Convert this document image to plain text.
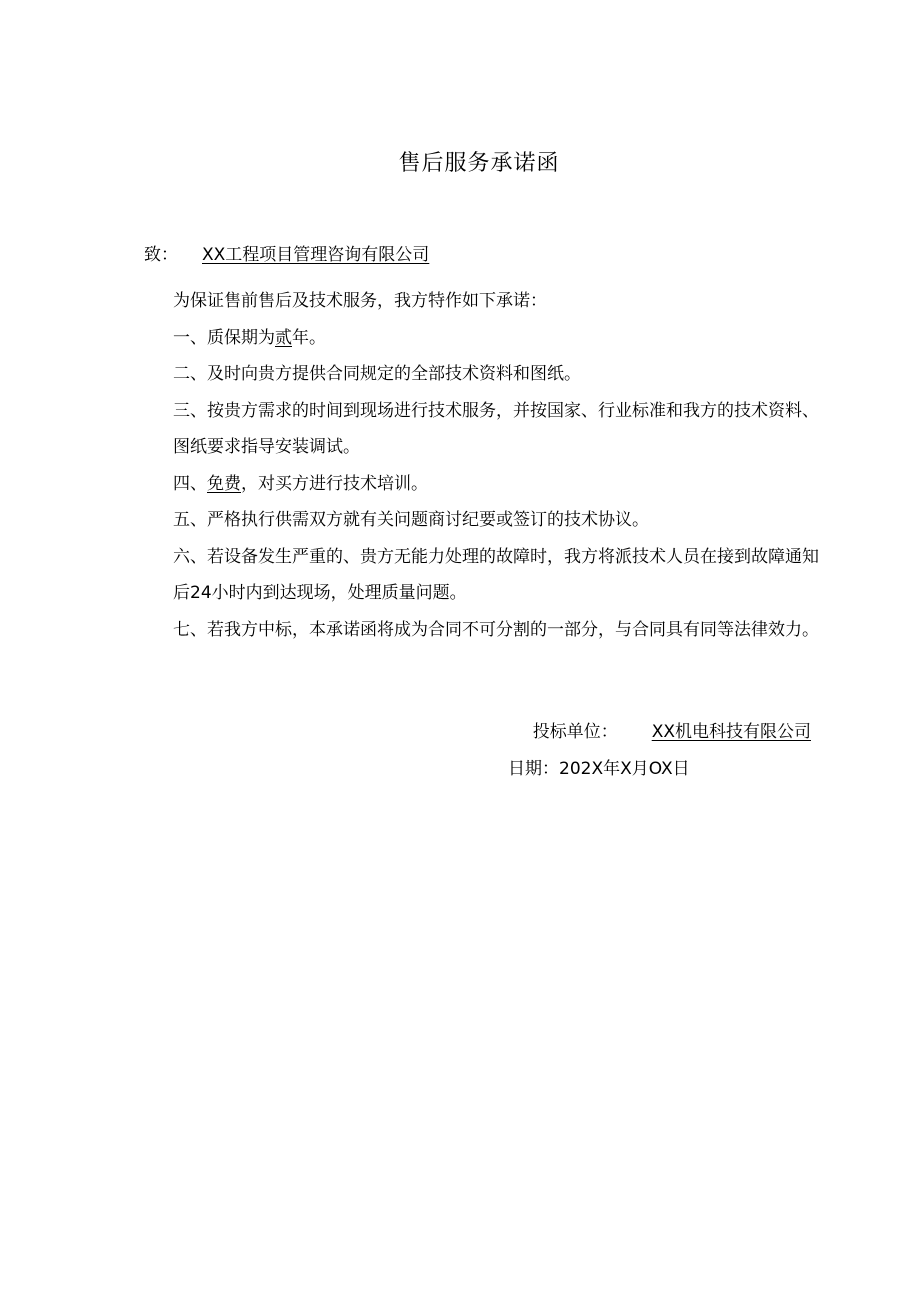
售后服务承诺函
致： XX工程项目管理咨询有限公司

为保证售前售后及技术服务，我方特作如下承诺：

一、质保期为贰年。

二、及时向贵方提供合同规定的全部技术资料和图纸。

三、按贵方需求的时间到现场进行技术服务，并按国家、行业标准和我方的技术资料、图纸要求指导安装调试。

四、免费，对买方进行技术培训。

五、严格执行供需双方就有关问题商讨纪要或签订的技术协议。

六、若设备发生严重的、贵方无能力处理的故障时，我方将派技术人员在接到故障通知后24小时内到达现场，处理质量问题。

七、若我方中标，本承诺函将成为合同不可分割的一部分，与合同具有同等法律效力。

投标单位： XX机电科技有限公司
日期：202X年X月OX日
